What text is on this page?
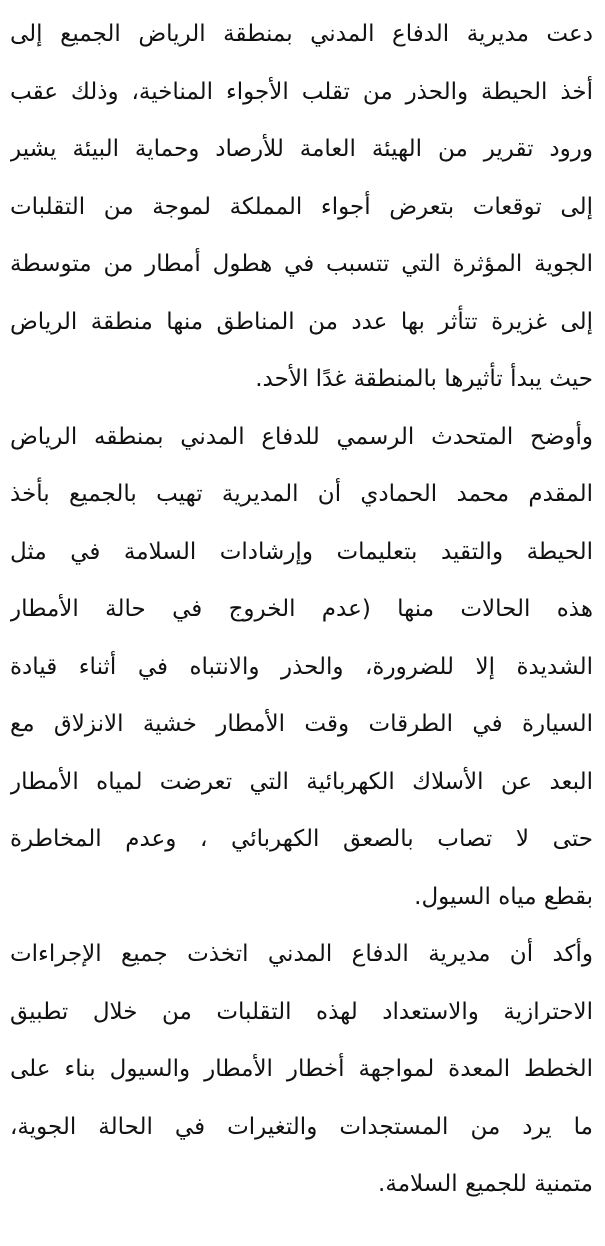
دعت مديرية الدفاع المدني بمنطقة الرياض الجميع إلى
أخذ الحيطة والحذر من تقلب الأجواء المناخية، وذلك عقب
ورود تقرير من الهيئة العامة للأرصاد وحماية البيئة يشير
إلى توقعات بتعرض أجواء المملكة لموجة من التقلبات
الجوية المؤثرة التي تتسبب في هطول أمطار من متوسطة
إلى غزيرة تتأثر بها عدد من المناطق منها منطقة الرياض
حيث يبدأ تأثيرها بالمنطقة غدًا الأحد.

وأوضح المتحدث الرسمي للدفاع المدني بمنطقه الرياض
المقدم محمد الحمادي أن المديرية تهيب بالجميع بأخذ
الحيطة والتقيد بتعليمات وإرشادات السلامة في مثل
هذه الحالات منها (عدم الخروج في حالة الأمطار
الشديدة إلا للضرورة، والحذر والانتباه في أثناء قيادة
السيارة في الطرقات وقت الأمطار خشية الانزلاق مع
البعد عن الأسلاك الكهربائية التي تعرضت لمياه الأمطار
حتى لا تصاب بالصعق الكهربائي ، وعدم المخاطرة
بقطع مياه السيول.

وأكد أن مديرية الدفاع المدني اتخذت جميع الإجراءات
الاحترازية والاستعداد لهذه التقلبات من خلال تطبيق
الخطط المعدة لمواجهة أخطار الأمطار والسيول بناء على
ما يرد من المستجدات والتغيرات في الحالة الجوية،
متمنية للجميع السلامة.
